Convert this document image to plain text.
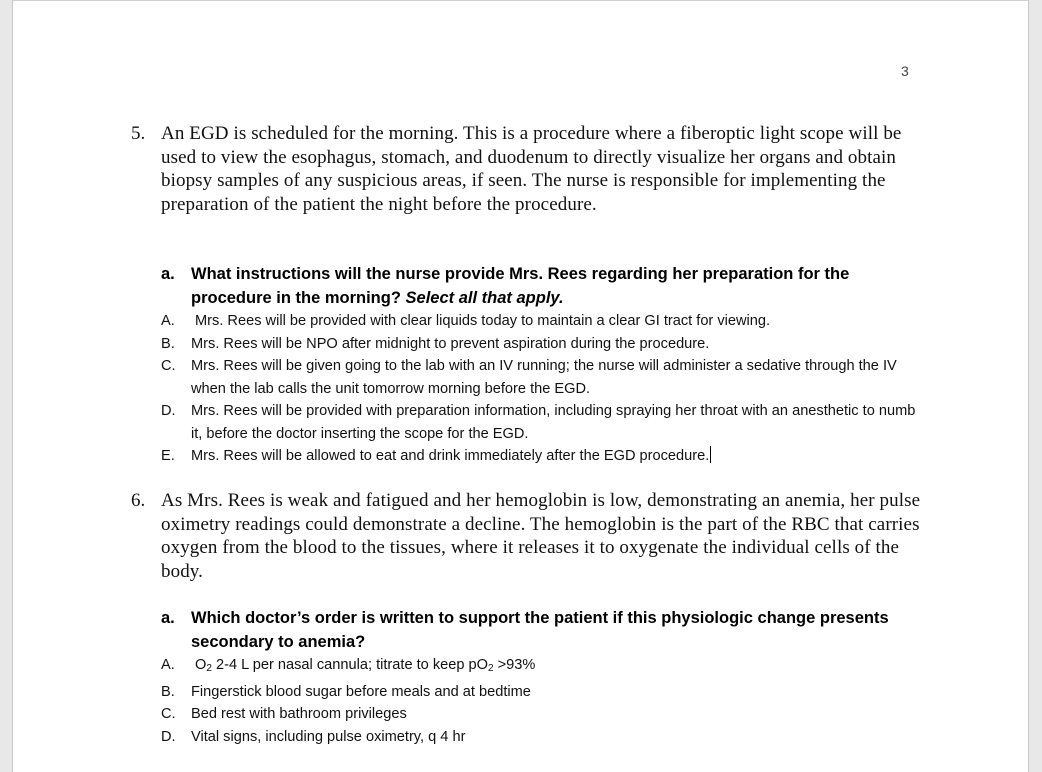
3
5. An EGD is scheduled for the morning. This is a procedure where a fiberoptic light scope will be used to view the esophagus, stomach, and duodenum to directly visualize her organs and obtain biopsy samples of any suspicious areas, if seen. The nurse is responsible for implementing the preparation of the patient the night before the procedure.

a. What instructions will the nurse provide Mrs. Rees regarding her preparation for the procedure in the morning? Select all that apply.

A. Mrs. Rees will be provided with clear liquids today to maintain a clear GI tract for viewing.
B. Mrs. Rees will be NPO after midnight to prevent aspiration during the procedure.
C. Mrs. Rees will be given going to the lab with an IV running; the nurse will administer a sedative through the IV when the lab calls the unit tomorrow morning before the EGD.
D. Mrs. Rees will be provided with preparation information, including spraying her throat with an anesthetic to numb it, before the doctor inserting the scope for the EGD.
E. Mrs. Rees will be allowed to eat and drink immediately after the EGD procedure.
6. As Mrs. Rees is weak and fatigued and her hemoglobin is low, demonstrating an anemia, her pulse oximetry readings could demonstrate a decline. The hemoglobin is the part of the RBC that carries oxygen from the blood to the tissues, where it releases it to oxygenate the individual cells of the body.

a. Which doctor’s order is written to support the patient if this physiologic change presents secondary to anemia?

A. $O_2$ 2-4 L per nasal cannula; titrate to keep $pO_2 >93\%$
B. Fingerstick blood sugar before meals and at bedtime
C. Bed rest with bathroom privileges
D. Vital signs, including pulse oximetry, q 4 hr
